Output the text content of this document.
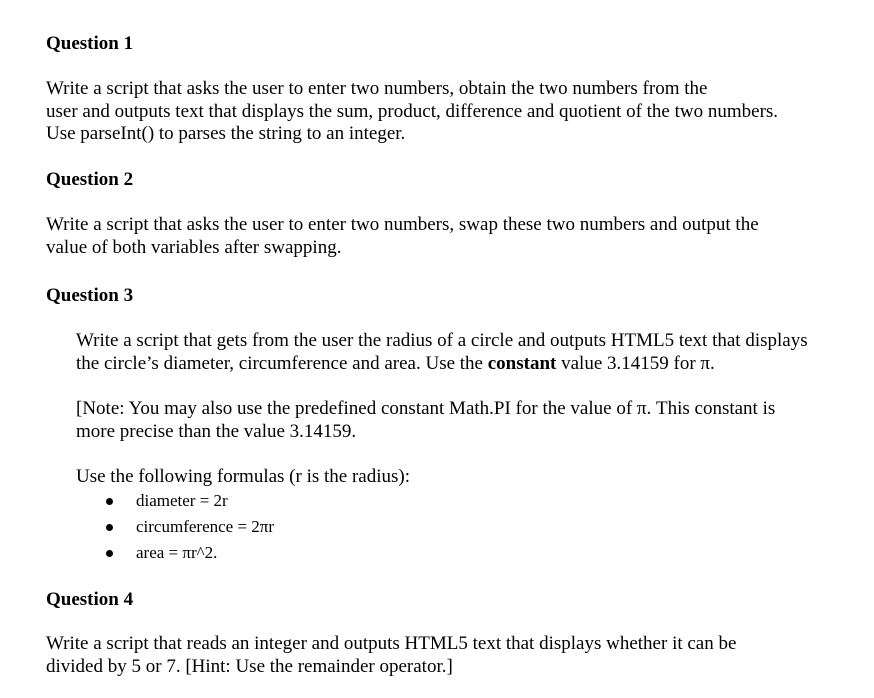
Question 1
Write a script that asks the user to enter two numbers, obtain the two numbers from the
user and outputs text that displays the sum, product, difference and quotient of the two numbers.
Use parseInt() to parses the string to an integer.
Question 2
Write a script that asks the user to enter two numbers, swap these two numbers and output the
value of both variables after swapping.
Question 3
Write a script that gets from the user the radius of a circle and outputs HTML5 text that displays
the circle’s diameter, circumference and area. Use the constant value 3.14159 for π.
[Note: You may also use the predefined constant Math.PI for the value of π. This constant is
more precise than the value 3.14159.
Use the following formulas (r is the radius):
diameter = 2r
circumference = 2πr
area = πr^2.
Question 4
Write a script that reads an integer and outputs HTML5 text that displays whether it can be
divided by 5 or 7. [Hint: Use the remainder operator.]
